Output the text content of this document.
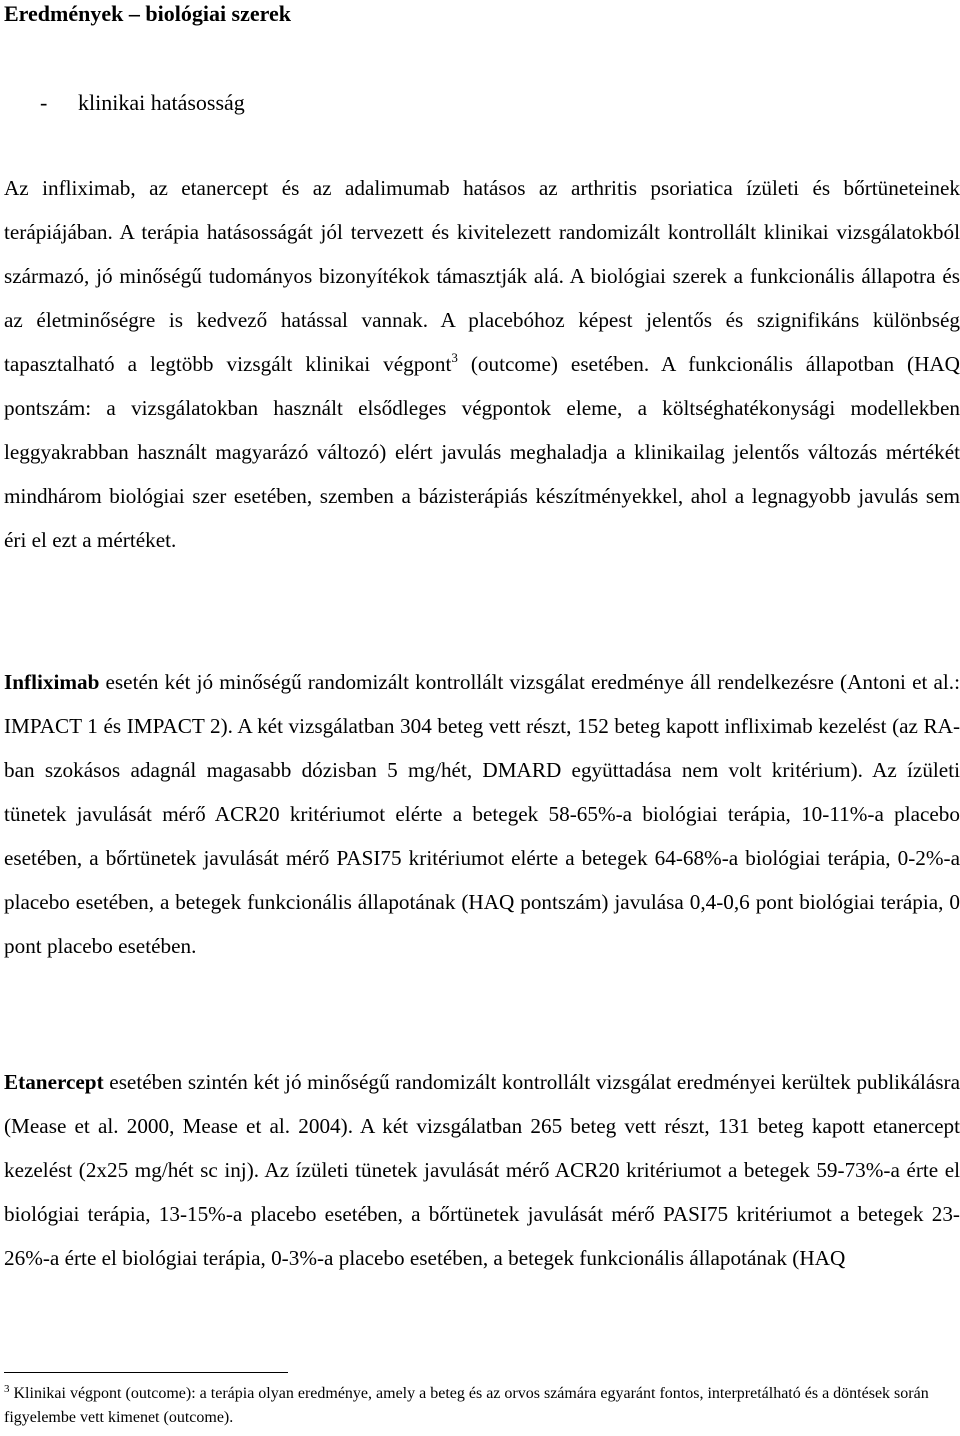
Eredmények – biológiai szerek

- klinikai hatásosság

Az infliximab, az etanercept és az adalimumab hatásos az arthritis psoriatica ízületi és bőrtüneteinek terápiájában. A terápia hatásosságát jól tervezett és kivitelezett randomizált kontrollált klinikai vizsgálatokból származó, jó minőségű tudományos bizonyítékok támasztják alá. A biológiai szerek a funkcionális állapotra és az életminőségre is kedvező hatással vannak. A placebóhoz képest jelentős és szignifikáns különbség tapasztalható a legtöbb vizsgált klinikai végpont$^3$ (outcome) esetében. A funkcionális állapotban (HAQ pontszám: a vizsgálatokban használt elsődleges végpontok eleme, a költséghatékonysági modellekben leggyakrabban használt magyarázó változó) elért javulás meghaladja a klinikailag jelentős változás mértékét mindhárom biológiai szer esetében, szemben a bázisterápiás készítményekkel, ahol a legnagyobb javulás sem éri el ezt a mértéket.

Infliximab esetén két jó minőségű randomizált kontrollált vizsgálat eredménye áll rendelkezésre (Antoni et al.: IMPACT 1 és IMPACT 2). A két vizsgálatban 304 beteg vett részt, 152 beteg kapott infliximab kezelést (az RA-ban szokásos adagnál magasabb dózisban 5 mg/hét, DMARD együttadása nem volt kritérium). Az ízületi tünetek javulását mérő ACR20 kritériumot elérte a betegek 58-65%-a biológiai terápia, 10-11%-a placebo esetében, a bőrtünetek javulását mérő PASI75 kritériumot elérte a betegek 64-68%-a biológiai terápia, 0-2%-a placebo esetében, a betegek funkcionális állapotának (HAQ pontszám) javulása 0,4-0,6 pont biológiai terápia, 0 pont placebo esetében.

Etanercept esetében szintén két jó minőségű randomizált kontrollált vizsgálat eredményei kerültek publikálásra (Mease et al. 2000, Mease et al. 2004). A két vizsgálatban 265 beteg vett részt, 131 beteg kapott etanercept kezelést (2x25 mg/hét sc inj). Az ízületi tünetek javulását mérő ACR20 kritériumot a betegek 59-73%-a érte el biológiai terápia, 13-15%-a placebo esetében, a bőrtünetek javulását mérő PASI75 kritériumot a betegek 23-26%-a érte el biológiai terápia, 0-3%-a placebo esetében, a betegek funkcionális állapotának (HAQ

$^3$ Klinikai végpont (outcome): a terápia olyan eredménye, amely a beteg és az orvos számára egyaránt fontos, interpretálható és a döntések során figyelembe vett kimenet (outcome).
